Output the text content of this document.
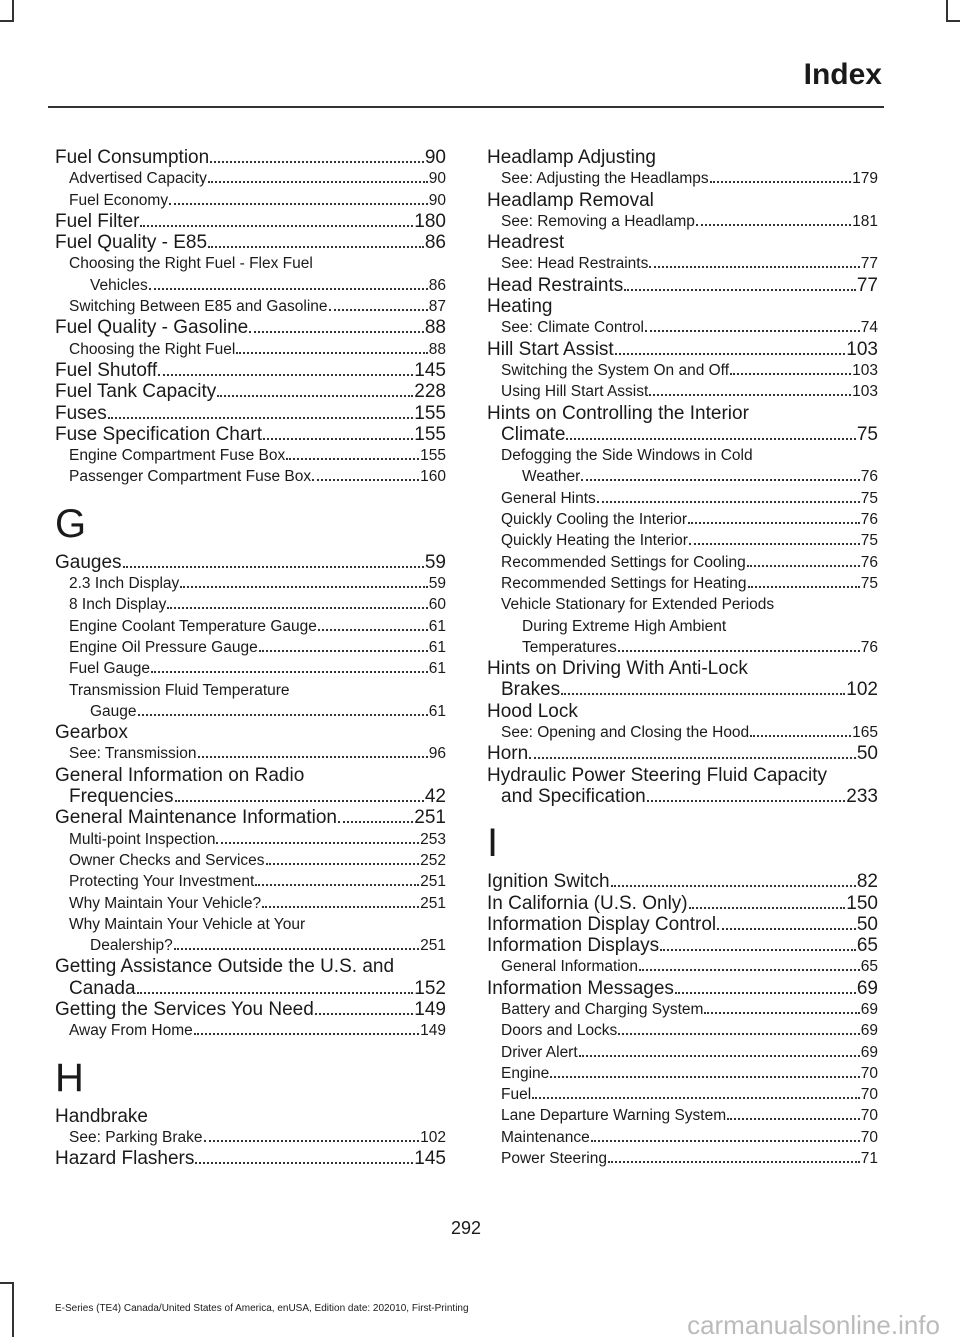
Index
Fuel Consumption	90
Advertised Capacity	90
Fuel Economy	90
Fuel Filter	180
Fuel Quality - E85	86
Choosing the Right Fuel - Flex Fuel
Vehicles	86
Switching Between E85 and Gasoline	87
Fuel Quality - Gasoline	88
Choosing the Right Fuel	88
Fuel Shutoff	145
Fuel Tank Capacity	228
Fuses	155
Fuse Specification Chart	155
Engine Compartment Fuse Box	155
Passenger Compartment Fuse Box	160
G
Gauges	59
2.3 Inch Display	59
8 Inch Display	60
Engine Coolant Temperature Gauge	61
Engine Oil Pressure Gauge	61
Fuel Gauge	61
Transmission Fluid Temperature
Gauge	61
Gearbox
See: Transmission	96
General Information on Radio
Frequencies	42
General Maintenance Information	251
Multi-point Inspection	253
Owner Checks and Services	252
Protecting Your Investment	251
Why Maintain Your Vehicle?	251
Why Maintain Your Vehicle at Your
Dealership?	251
Getting Assistance Outside the U.S. and
Canada	152
Getting the Services You Need	149
Away From Home	149
H
Handbrake
See: Parking Brake	102
Hazard Flashers	145
Headlamp Adjusting
See: Adjusting the Headlamps	179
Headlamp Removal
See: Removing a Headlamp	181
Headrest
See: Head Restraints	77
Head Restraints	77
Heating
See: Climate Control	74
Hill Start Assist	103
Switching the System On and Off	103
Using Hill Start Assist	103
Hints on Controlling the Interior
Climate	75
Defogging the Side Windows in Cold
Weather	76
General Hints	75
Quickly Cooling the Interior	76
Quickly Heating the Interior	75
Recommended Settings for Cooling	76
Recommended Settings for Heating	75
Vehicle Stationary for Extended Periods
During Extreme High Ambient
Temperatures	76
Hints on Driving With Anti-Lock
Brakes	102
Hood Lock
See: Opening and Closing the Hood	165
Horn	50
Hydraulic Power Steering Fluid Capacity
and Specification	233
I
Ignition Switch	82
In California (U.S. Only)	150
Information Display Control	50
Information Displays	65
General Information	65
Information Messages	69
Battery and Charging System	69
Doors and Locks	69
Driver Alert	69
Engine	70
Fuel	70
Lane Departure Warning System	70
Maintenance	70
Power Steering	71
292
E-Series (TE4) Canada/United States of America, enUSA, Edition date: 202010, First-Printing
carmanualsonline.info
